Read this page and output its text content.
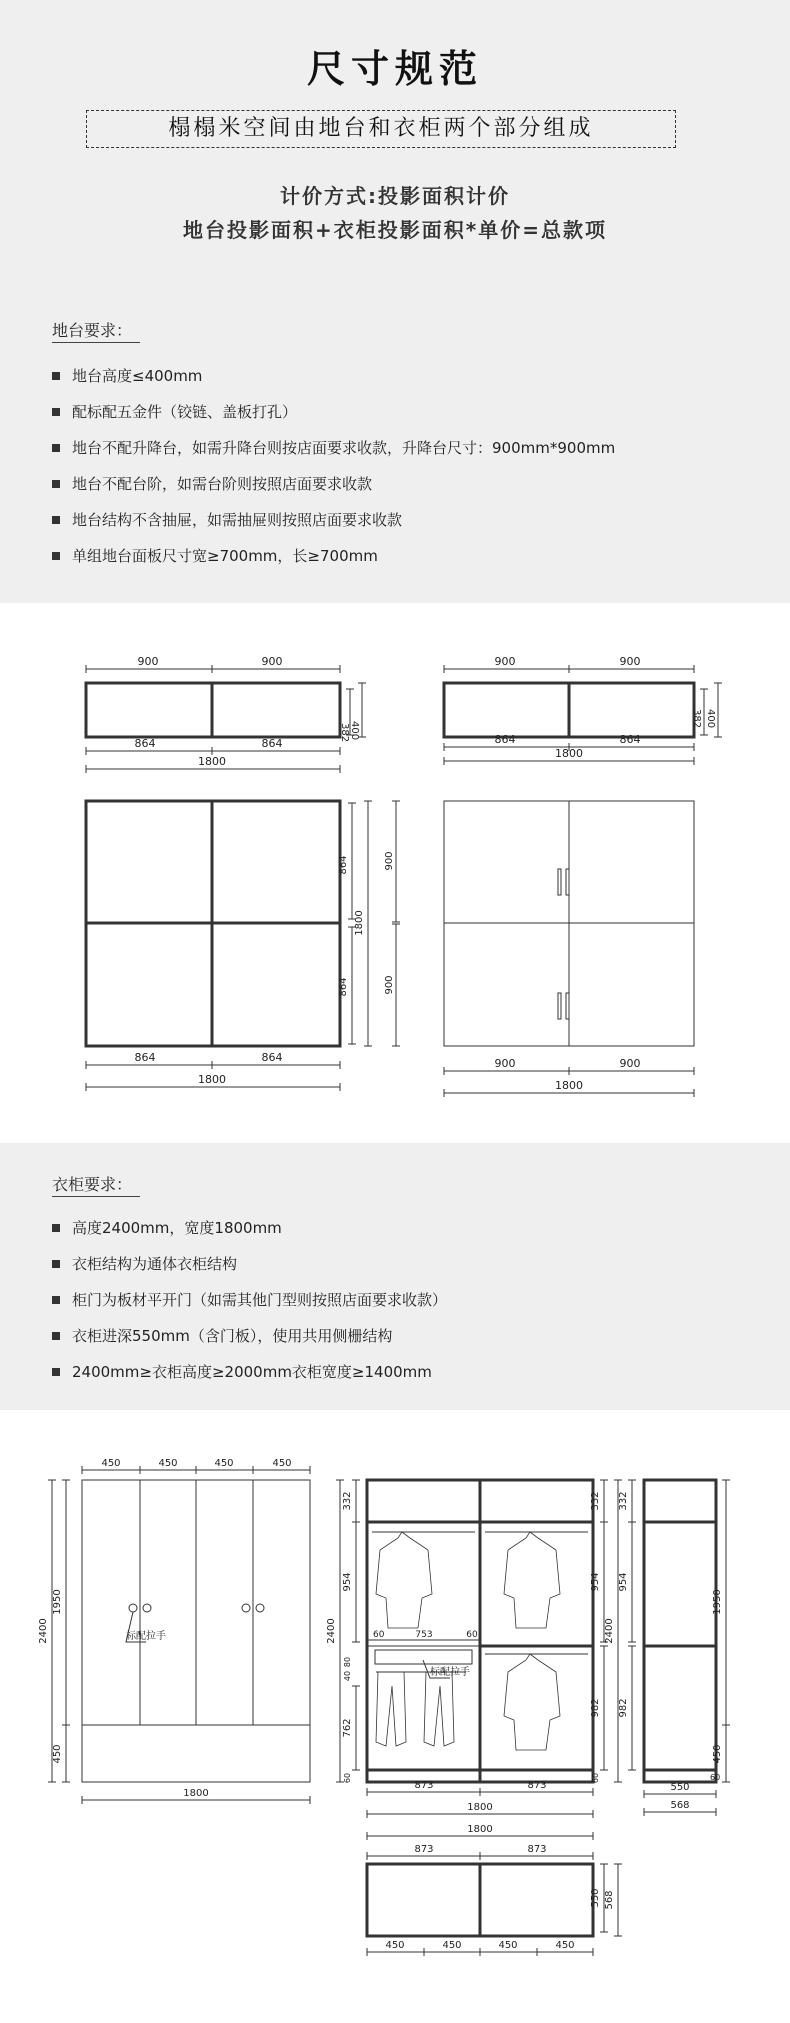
尺寸规范
榻榻米空间由地台和衣柜两个部分组成
计价方式:投影面积计价
地台投影面积+衣柜投影面积*单价=总款项
地台要求：
地台高度≤400mm
配标配五金件（铰链、盖板打孔）
地台不配升降台，如需升降台则按店面要求收款，升降台尺寸：900mm*900mm
地台不配台阶，如需台阶则按照店面要求收款
地台结构不含抽屉，如需抽屉则按照店面要求收款
单组地台面板尺寸宽≥700mm，长≥700mm
900	900
382 400
864	864
1800
900	900
382 400
864	864
1800
864
864
1800
864	864
1800
900
900
900	900
1800
衣柜要求：
高度2400mm，宽度1800mm
衣柜结构为通体衣柜结构
柜门为板材平开门（如需其他门型则按照店面要求收款）
衣柜进深550mm（含门板），使用共用侧栅结构
2400mm≥衣柜高度≥2000mm衣柜宽度≥1400mm
450	450	450	450
2400
1950
450
标配拉手
1800
2400
332
954
80
40
762
60
60	753	60
标配拉手
332
954
982
60
2400
873	873
1800
332
954
982
1950
450
550
60
568
1800
873	873
550 568
450	450	450	450
